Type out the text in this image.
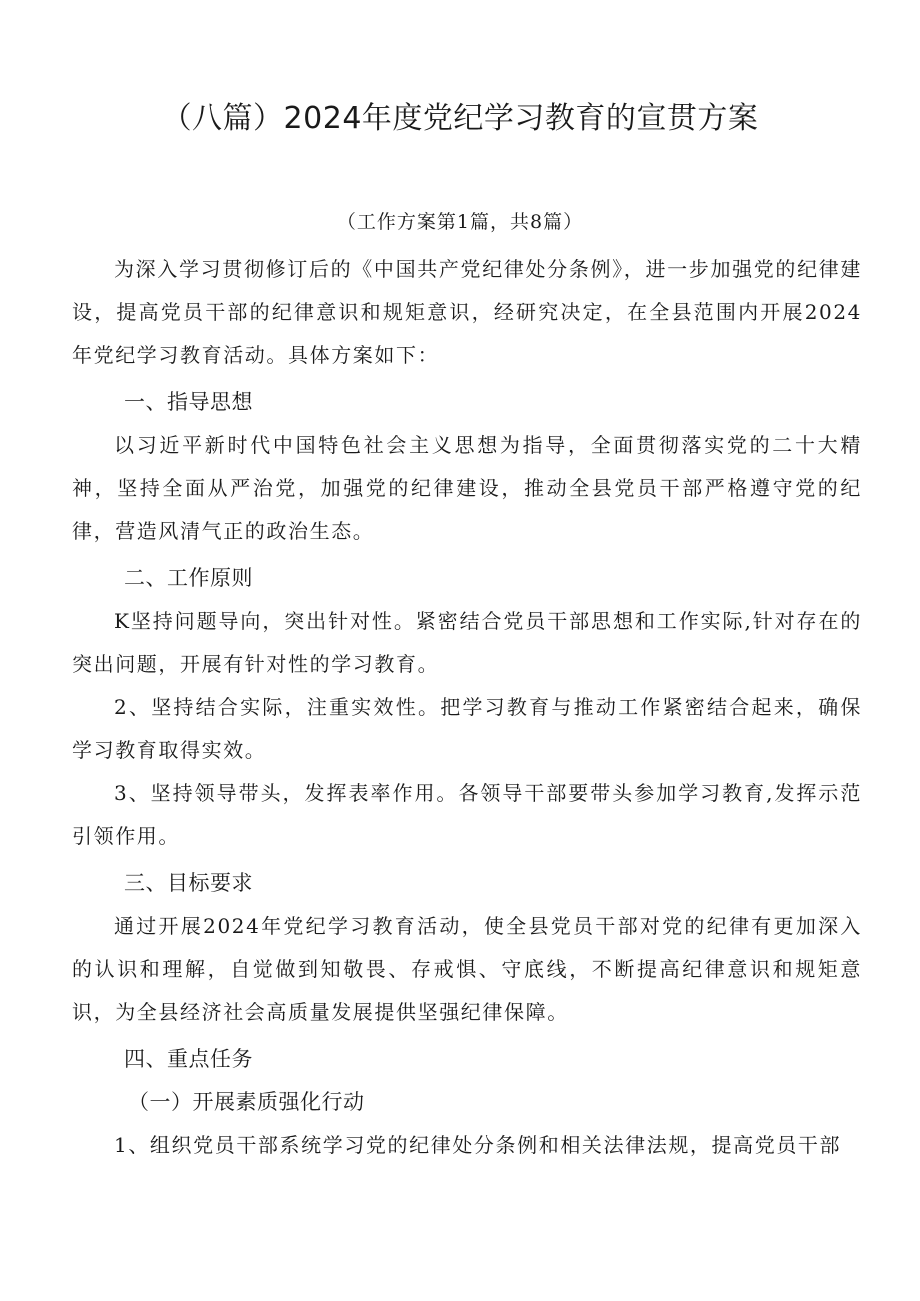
（八篇）2024年度党纪学习教育的宣贯方案
（工作方案第1篇，共8篇）

为深入学习贯彻修订后的《中国共产党纪律处分条例》，进一步加强党的纪律建设，提高党员干部的纪律意识和规矩意识，经研究决定，在全县范围内开展2024年党纪学习教育活动。具体方案如下：

一、指导思想

以习近平新时代中国特色社会主义思想为指导，全面贯彻落实党的二十大精神，坚持全面从严治党，加强党的纪律建设，推动全县党员干部严格遵守党的纪律，营造风清气正的政治生态。

二、工作原则

K坚持问题导向，突出针对性。紧密结合党员干部思想和工作实际,针对存在的突出问题，开展有针对性的学习教育。

2、坚持结合实际，注重实效性。把学习教育与推动工作紧密结合起来，确保学习教育取得实效。

3、坚持领导带头，发挥表率作用。各领导干部要带头参加学习教育,发挥示范引领作用。

三、目标要求

通过开展2024年党纪学习教育活动，使全县党员干部对党的纪律有更加深入的认识和理解，自觉做到知敬畏、存戒惧、守底线，不断提高纪律意识和规矩意识，为全县经济社会高质量发展提供坚强纪律保障。

四、重点任务
（一）开展素质强化行动

1、组织党员干部系统学习党的纪律处分条例和相关法律法规，提高党员干部
